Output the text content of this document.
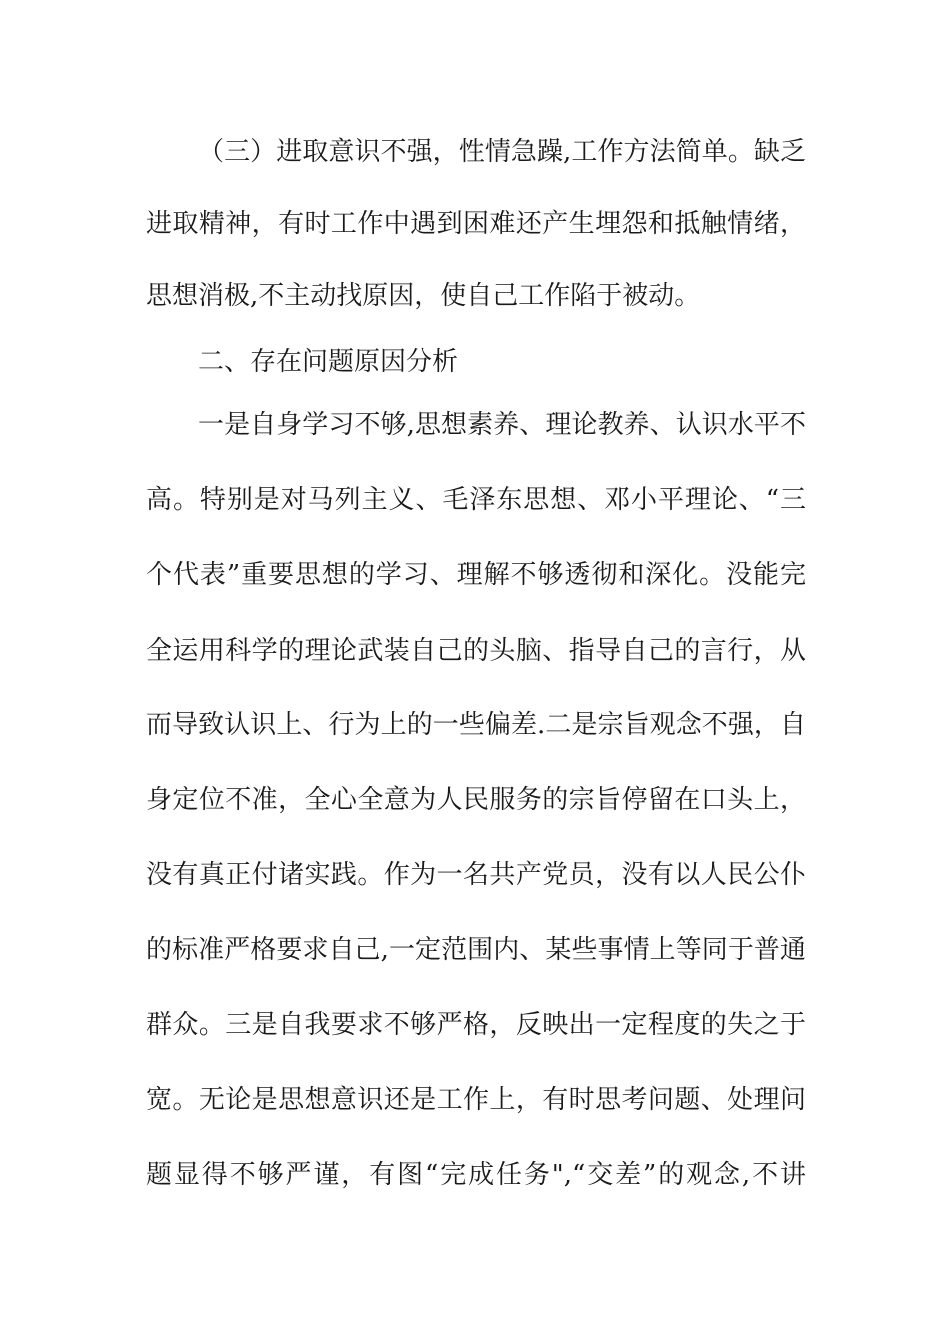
（三）进取意识不强，性情急躁,工作方法简单。缺乏
进取精神，有时工作中遇到困难还产生埋怨和抵触情绪，
思想消极,不主动找原因，使自己工作陷于被动。
二、存在问题原因分析
一是自身学习不够,思想素养、理论教养、认识水平不
高。特别是对马列主义、毛泽东思想、邓小平理论、“三
个代表”重要思想的学习、理解不够透彻和深化。没能完
全运用科学的理论武装自己的头脑、指导自己的言行，从
而导致认识上、行为上的一些偏差.二是宗旨观念不强，自
身定位不准，全心全意为人民服务的宗旨停留在口头上，
没有真正付诸实践。作为一名共产党员，没有以人民公仆
的标准严格要求自己,一定范围内、某些事情上等同于普通
群众。三是自我要求不够严格，反映出一定程度的失之于
宽。无论是思想意识还是工作上，有时思考问题、处理问
题显得不够严谨，有图“完成任务",“交差”的观念,不讲
